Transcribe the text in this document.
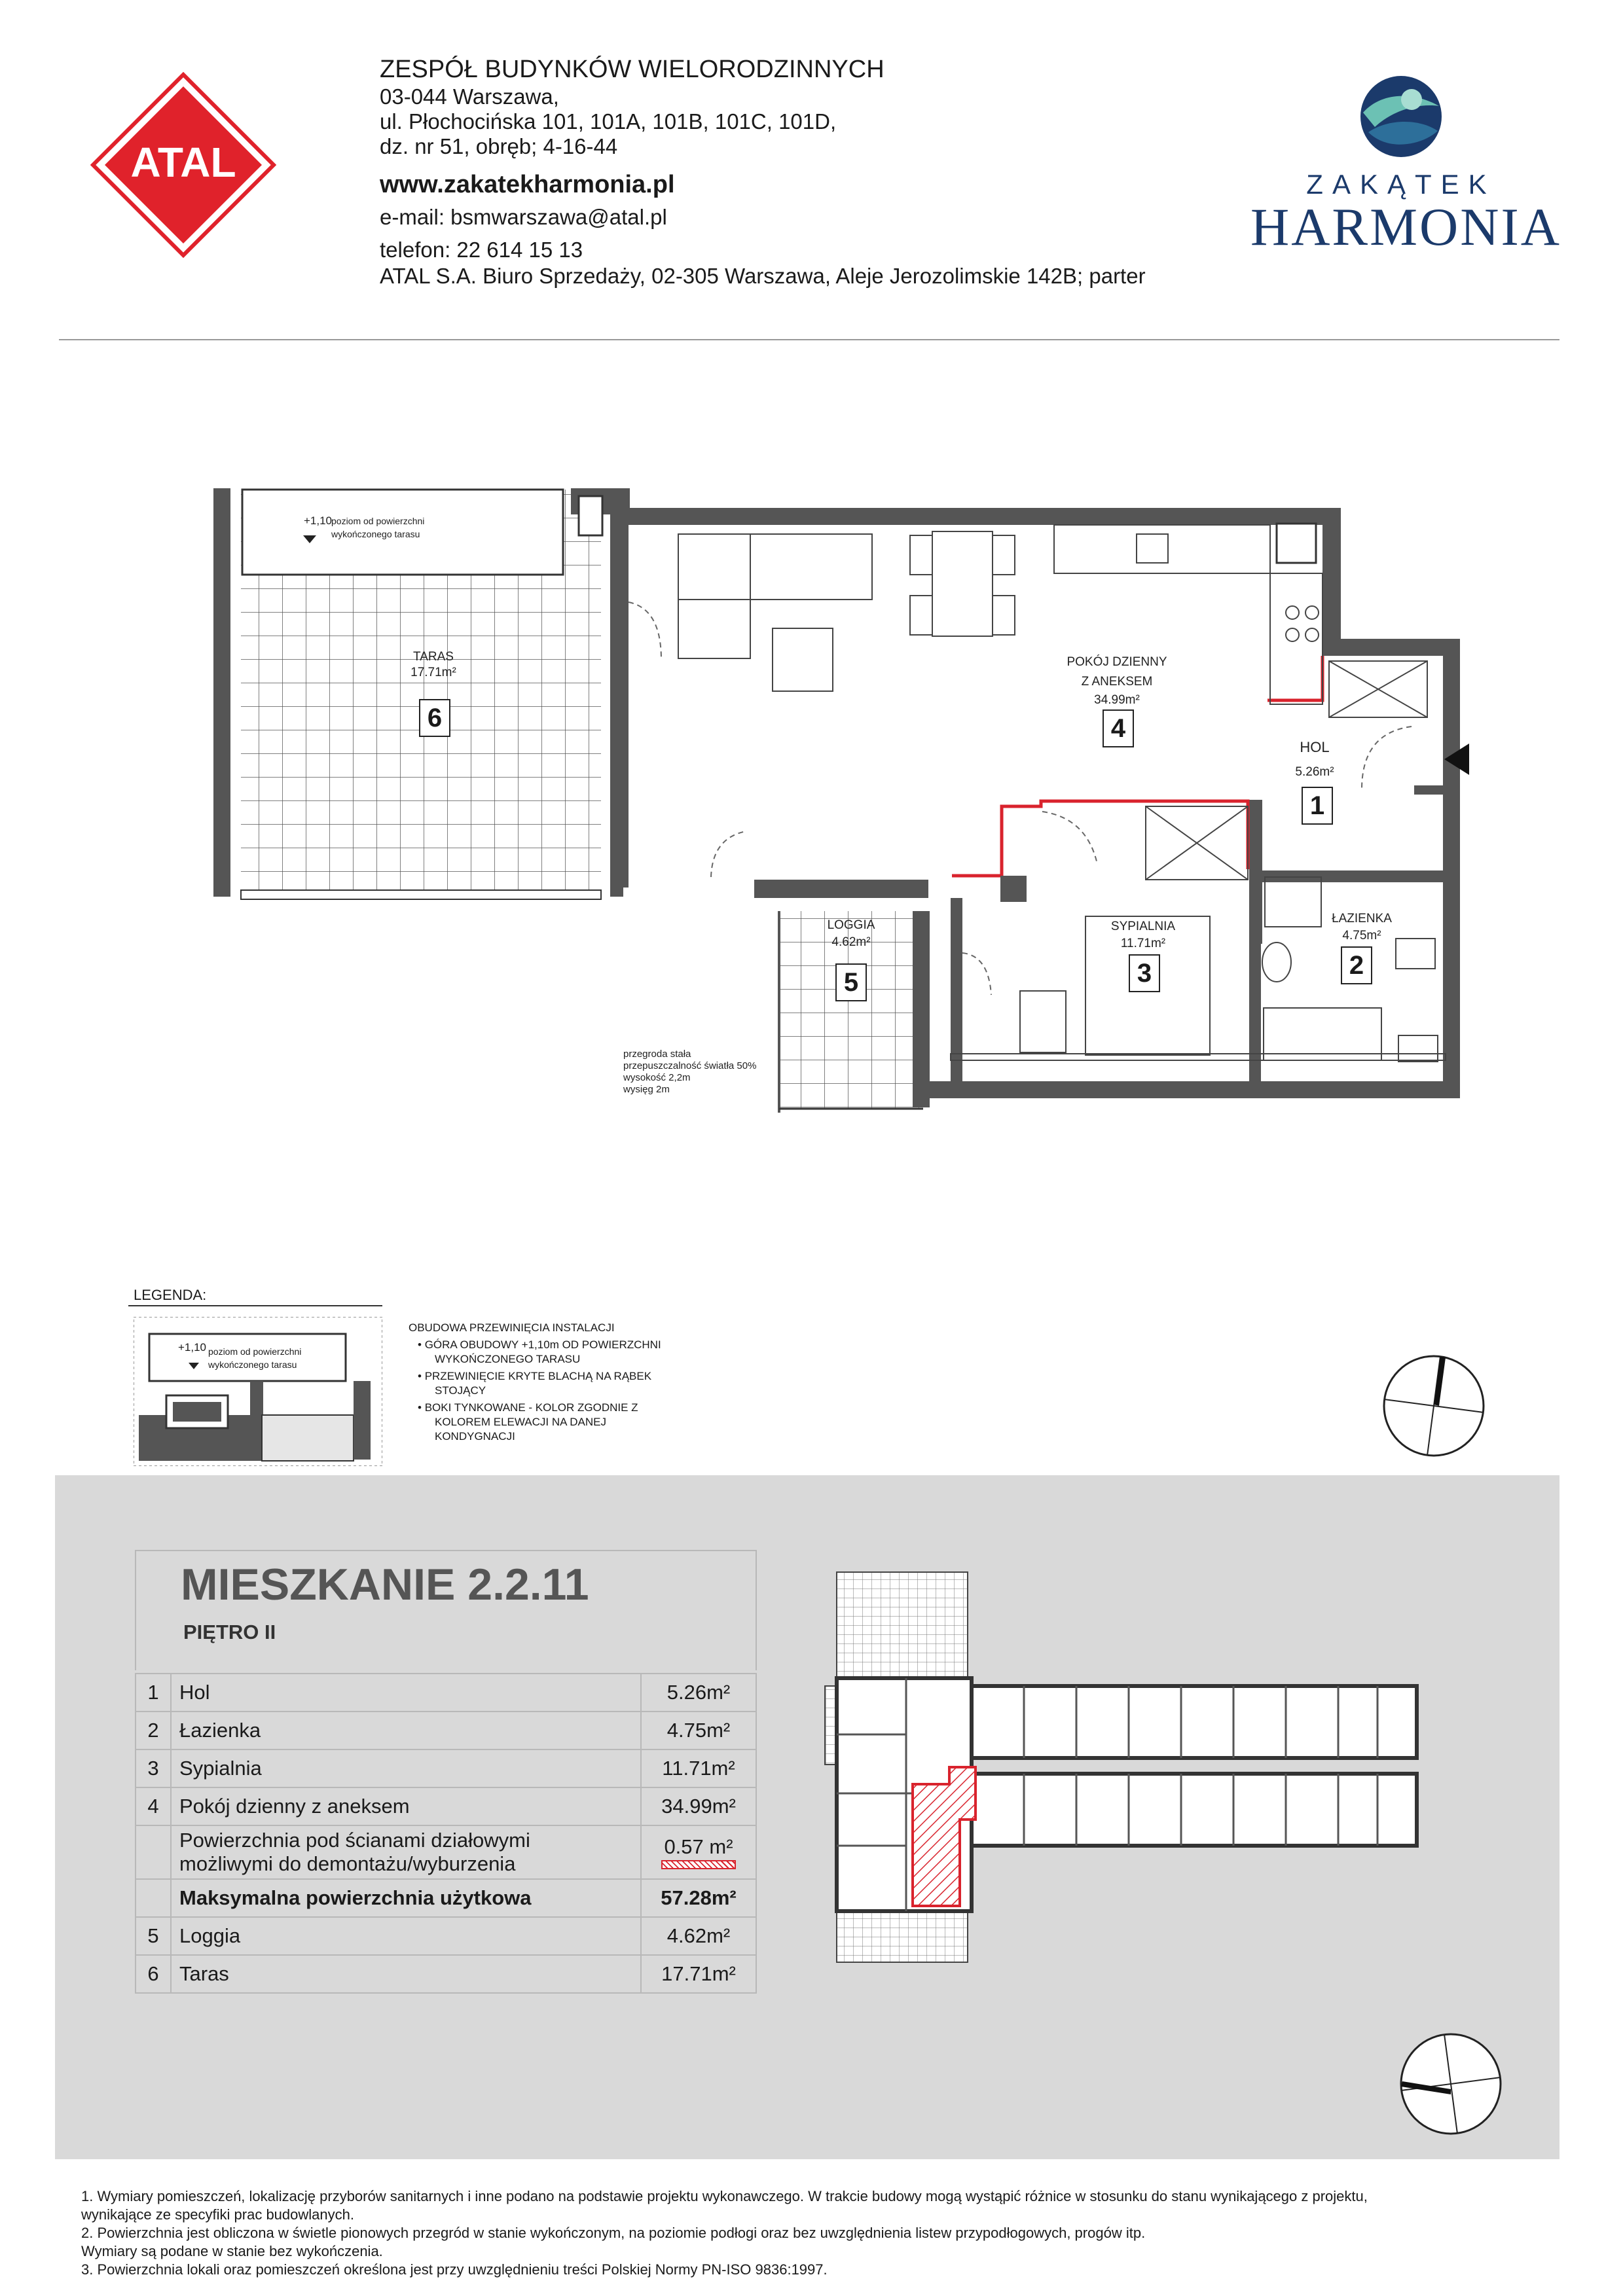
ATAL
ZESPÓŁ BUDYNKÓW WIELORODZINNYCH
03-044 Warszawa,
ul. Płochocińska 101, 101A, 101B, 101C, 101D,
dz. nr 51, obręb; 4-16-44
www.zakatekharmonia.pl
e-mail: bsmwarszawa@atal.pl
telefon: 22 614 15 13
ATAL S.A. Biuro Sprzedaży, 02-305 Warszawa, Aleje Jerozolimskie 142B; parter
ZAKĄTEK
HARMONIA
+1,10
poziom od powierzchni
wykończonego tarasu
TARAS
17.71m²
6
POKÓJ DZIENNY
Z ANEKSEM
34.99m²
4
HOL
5.26m²
1
LOGGIA
4.62m²
5
SYPIALNIA
11.71m²
3
ŁAZIENKA
4.75m²
2
przegroda stała
przepuszczalność światła 50%
wysokość 2,2m
wysięg 2m
LEGENDA:
+1,10 poziom od powierzchni
wykończonego tarasu
OBUDOWA PRZEWINIĘCIA INSTALACJI
• GÓRA OBUDOWY +1,10m OD POWIERZCHNI
WYKOŃCZONEGO TARASU
• PRZEWINIĘCIE KRYTE BLACHĄ NA RĄBEK
STOJĄCY
• BOKI TYNKOWANE - KOLOR ZGODNIE Z
KOLOREM ELEWACJI NA DANEJ
KONDYGNACJI
MIESZKANIE 2.2.11
PIĘTRO II
1	Hol	5.26m²
2	Łazienka	4.75m²
3	Sypialnia	11.71m²
4	Pokój dzienny z aneksem	34.99m²

	Powierzchnia pod ścianami działowymi
możliwymi do demontażu/wyburzenia	0.57 m²

	Maksymalna powierzchnia użytkowa	57.28m²
5	Loggia	4.62m²
6	Taras	17.71m²
1. Wymiary pomieszczeń, lokalizację przyborów sanitarnych i inne podano na podstawie projektu wykonawczego. W trakcie budowy mogą wystąpić różnice w stosunku do stanu wynikającego z projektu,
wynikające ze specyfiki prac budowlanych.
2. Powierzchnia jest obliczona w świetle pionowych przegród w stanie wykończonym, na poziomie podłogi oraz bez uwzględnienia listew przypodłogowych, progów itp.
Wymiary są podane w stanie bez wykończenia.
3. Powierzchnia lokali oraz pomieszczeń określona jest przy uwzględnieniu treści Polskiej Normy PN-ISO 9836:1997.
